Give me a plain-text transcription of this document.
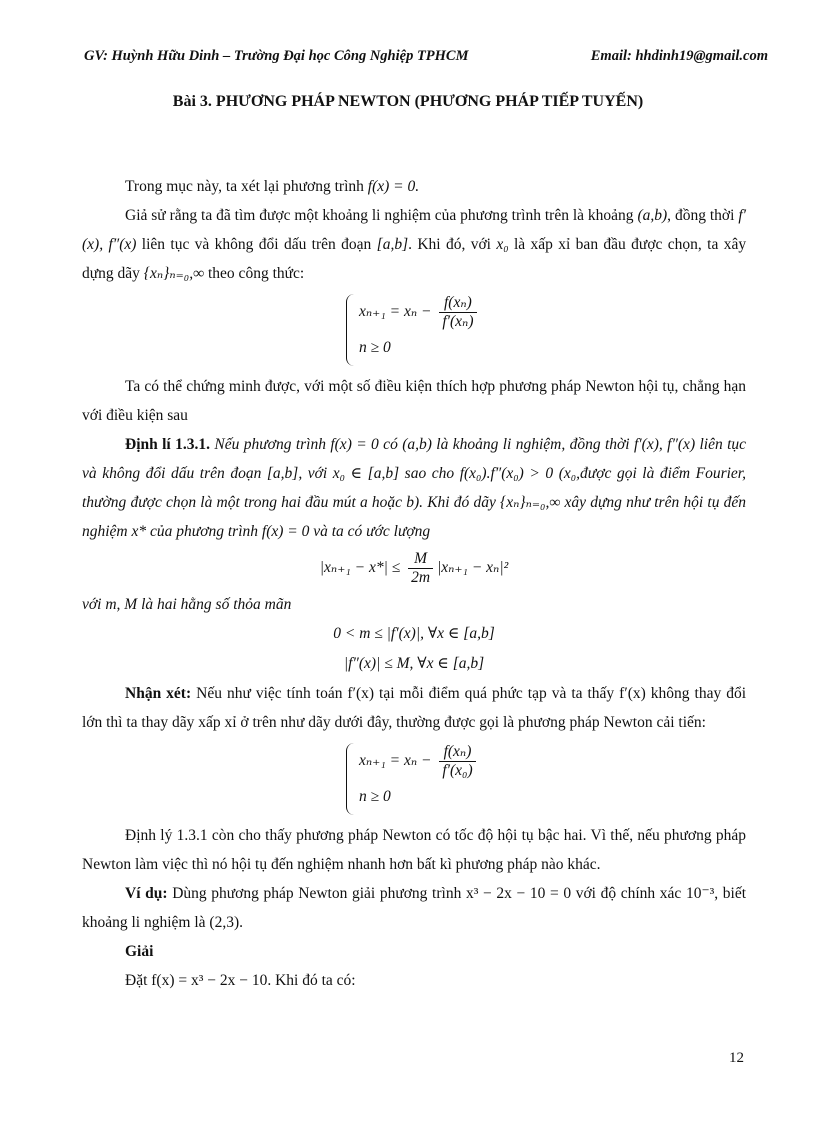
GV: Huỳnh Hữu Dinh – Trường Đại học Công Nghiệp TPHCM	Email: hhdinh19@gmail.com
Bài 3. PHƯƠNG PHÁP NEWTON (PHƯƠNG PHÁP TIẾP TUYẾN)

Trong mục này, ta xét lại phương trình f(x) = 0.

Giả sử rằng ta đã tìm được một khoảng li nghiệm của phương trình trên là khoảng (a,b), đồng thời f′(x), f″(x) liên tục và không đổi dấu trên đoạn [a,b]. Khi đó, với x₀ là xấp xỉ ban đầu được chọn, ta xây dựng dãy {xₙ}ₙ₌₀,∞ theo công thức:

$x_{n+1} = x_n - \frac{\text{f(xₙ)}}{\text{f′(xₙ)}}$
n ≥ 0

Ta có thể chứng minh được, với một số điều kiện thích hợp phương pháp Newton hội tụ, chẳng hạn với điều kiện sau

Định lí 1.3.1. Nếu phương trình f(x) = 0 có (a,b) là khoảng li nghiệm, đồng thời f′(x), f″(x) liên tục và không đổi dấu trên đoạn [a,b], với x₀ ∈ [a,b] sao cho f(x₀).f″(x₀) > 0 (x₀,được gọi là điểm Fourier, thường được chọn là một trong hai đầu mút a hoặc b). Khi đó dãy {xₙ}ₙ₌₀,∞ xây dựng như trên hội tụ đến nghiệm x* của phương trình f(x) = 0 và ta có ước lượng

$|x_{n+1} - x*| \le \frac{M}{2m} |x_{n+1} - x_n|^2$

với m, M là hai hằng số thỏa mãn

0 < m ≤ |f′(x)|, ∀x ∈ [a,b]
|f″(x)| ≤ M, ∀x ∈ [a,b]

Nhận xét: Nếu như việc tính toán f′(x) tại mỗi điểm quá phức tạp và ta thấy f′(x) không thay đổi lớn thì ta thay dãy xấp xỉ ở trên như dãy dưới đây, thường được gọi là phương pháp Newton cải tiến:

$x_{n+1} = x_n - \frac{\text{f(xₙ)}}{\text{f′(x₀)}}$
n ≥ 0

Định lý 1.3.1 còn cho thấy phương pháp Newton có tốc độ hội tụ bậc hai. Vì thế, nếu phương pháp Newton làm việc thì nó hội tụ đến nghiệm nhanh hơn bất kì phương pháp nào khác.

Ví dụ: Dùng phương pháp Newton giải phương trình x³ − 2x − 10 = 0 với độ chính xác 10⁻³, biết khoảng li nghiệm là (2,3).

Giải

Đặt f(x) = x³ − 2x − 10. Khi đó ta có:

12
